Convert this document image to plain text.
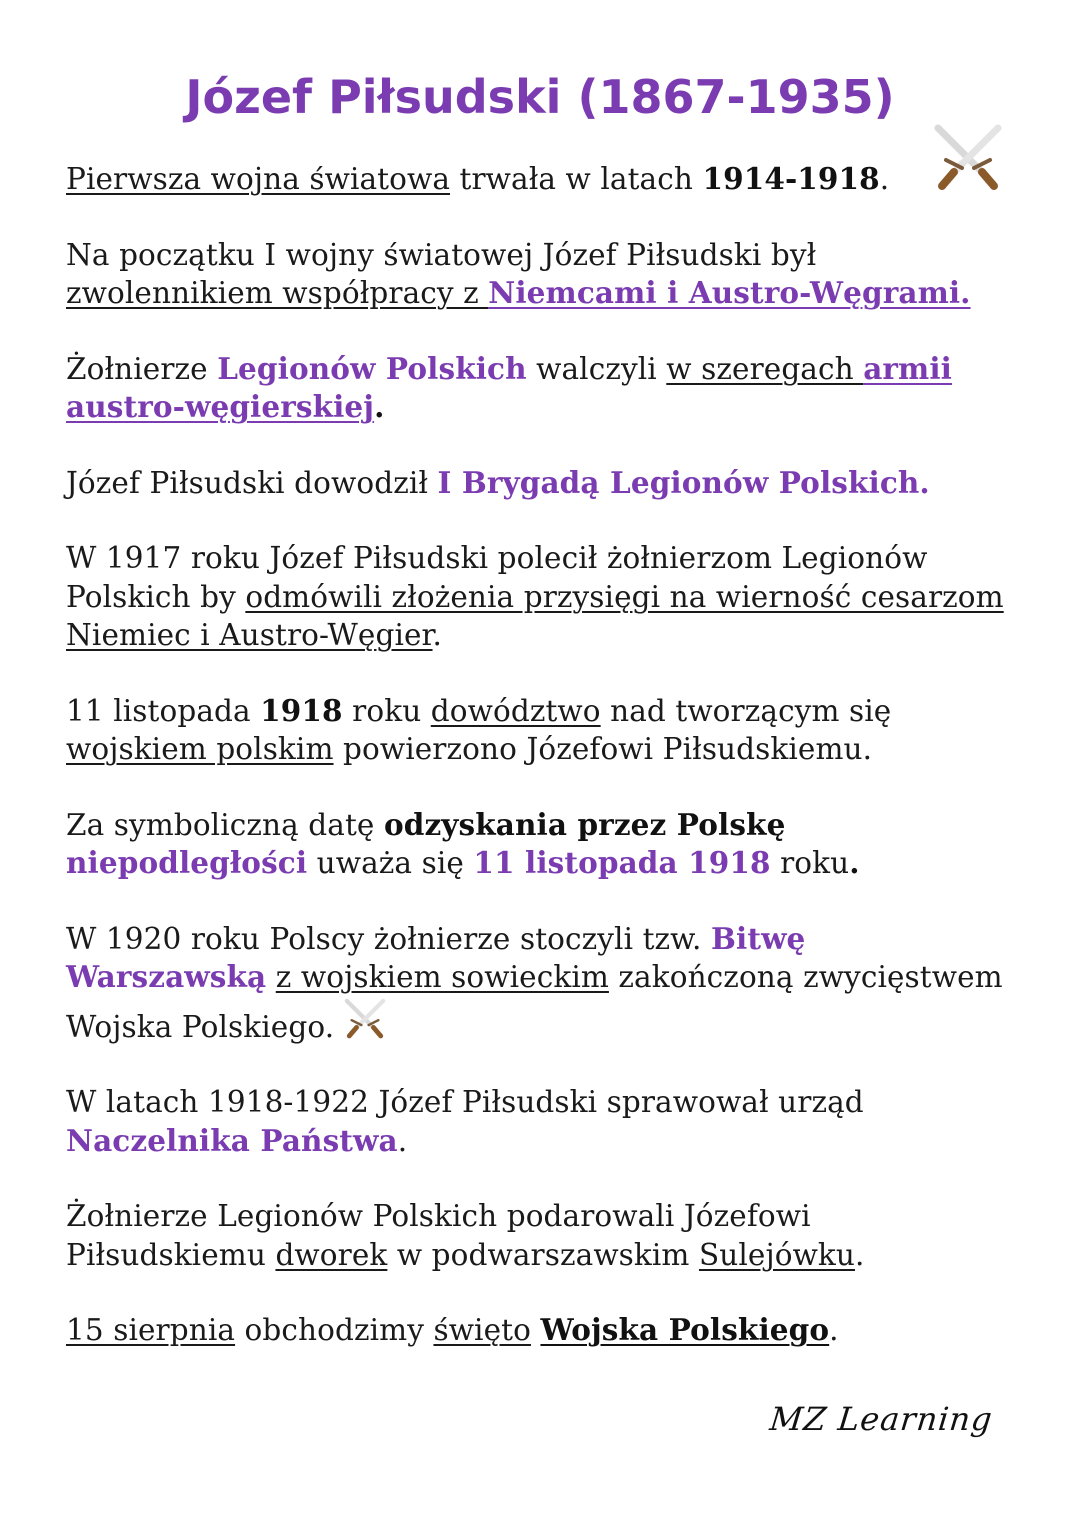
Józef Piłsudski (1867-1935)

Pierwsza wojna światowa trwała w latach 1914-1918.

Na początku I wojny światowej Józef Piłsudski był zwolennikiem współpracy z Niemcami i Austro-Węgrami.

Żołnierze Legionów Polskich walczyli w szeregach armii austro-węgierskiej.

Józef Piłsudski dowodził I Brygadą Legionów Polskich.

W 1917 roku Józef Piłsudski polecił żołnierzom Legionów Polskich by odmówili złożenia przysięgi na wierność cesarzom Niemiec i Austro-Węgier.

11 listopada 1918 roku dowództwo nad tworzącym się wojskiem polskim powierzono Józefowi Piłsudskiemu.

Za symboliczną datę odzyskania przez Polskę niepodległości uważa się 11 listopada 1918 roku.

W 1920 roku Polscy żołnierze stoczyli tzw. Bitwę Warszawską z wojskiem sowieckim zakończoną zwycięstwem Wojska Polskiego.

W latach 1918-1922 Józef Piłsudski sprawował urząd Naczelnika Państwa.

Żołnierze Legionów Polskich podarowali Józefowi Piłsudskiemu dworek w podwarszawskim Sulejówku.

15 sierpnia obchodzimy święto Wojska Polskiego.

MZ Learning
